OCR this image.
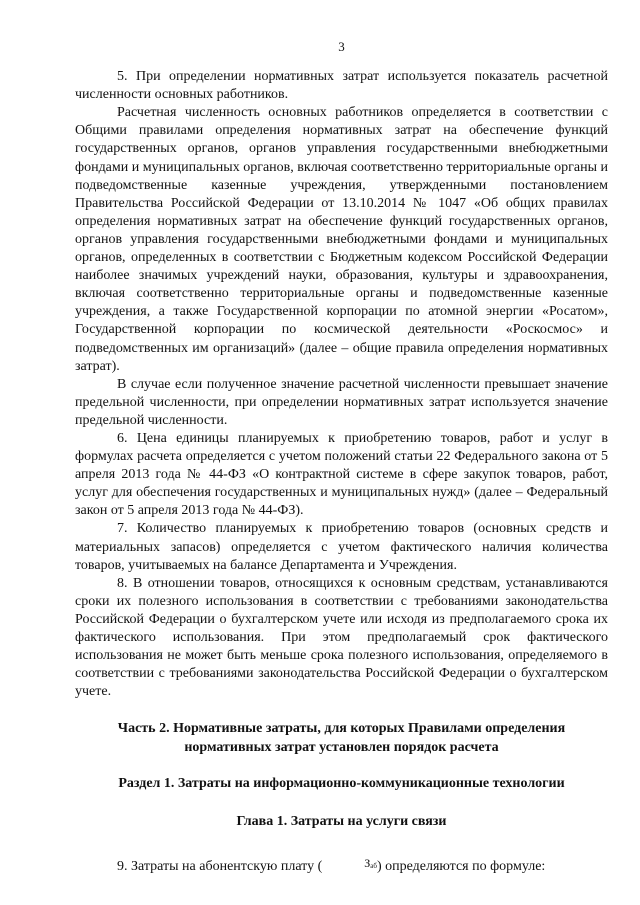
3

5. При определении нормативных затрат используется показатель расчетной численности основных работников.

Расчетная численность основных работников определяется в соответствии с Общими правилами определения нормативных затрат на обеспечение функций государственных органов, органов управления государственными внебюджетными фондами и муниципальных органов, включая соответственно территориальные органы и подведомственные казенные учреждения, утвержденными постановлением Правительства Российской Федерации от 13.10.2014 № 1047 «Об общих правилах определения нормативных затрат на обеспечение функций государственных органов, органов управления государственными внебюджетными фондами и муниципальных органов, определенных в соответствии с Бюджетным кодексом Российской Федерации наиболее значимых учреждений науки, образования, культуры и здравоохранения, включая соответственно территориальные органы и подведомственные казенные учреждения, а также Государственной корпорации по атомной энергии «Росатом», Государственной корпорации по космической деятельности «Роскосмос» и подведомственных им организаций» (далее – общие правила определения нормативных затрат).

В случае если полученное значение расчетной численности превышает значение предельной численности, при определении нормативных затрат используется значение предельной численности.

6. Цена единицы планируемых к приобретению товаров, работ и услуг в формулах расчета определяется с учетом положений статьи 22 Федерального закона от 5 апреля 2013 года № 44-ФЗ «О контрактной системе в сфере закупок товаров, работ, услуг для обеспечения государственных и муниципальных нужд» (далее – Федеральный закон от 5 апреля 2013 года № 44-ФЗ).

7. Количество планируемых к приобретению товаров (основных средств и материальных запасов) определяется с учетом фактического наличия количества товаров, учитываемых на балансе Департамента и Учреждения.

8. В отношении товаров, относящихся к основным средствам, устанавливаются сроки их полезного использования в соответствии с требованиями законодательства Российской Федерации о бухгалтерском учете или исходя из предполагаемого срока их фактического использования. При этом предполагаемый срок фактического использования не может быть меньше срока полезного использования, определяемого в соответствии с требованиями законодательства Российской Федерации о бухгалтерском учете.

Часть 2. Нормативные затраты, для которых Правилами определения
нормативных затрат установлен порядок расчета
Раздел 1. Затраты на информационно-коммуникационные технологии
Глава 1. Затраты на услуги связи

9. Затраты на абонентскую плату (	$З_{аб}$) определяются по формуле:
